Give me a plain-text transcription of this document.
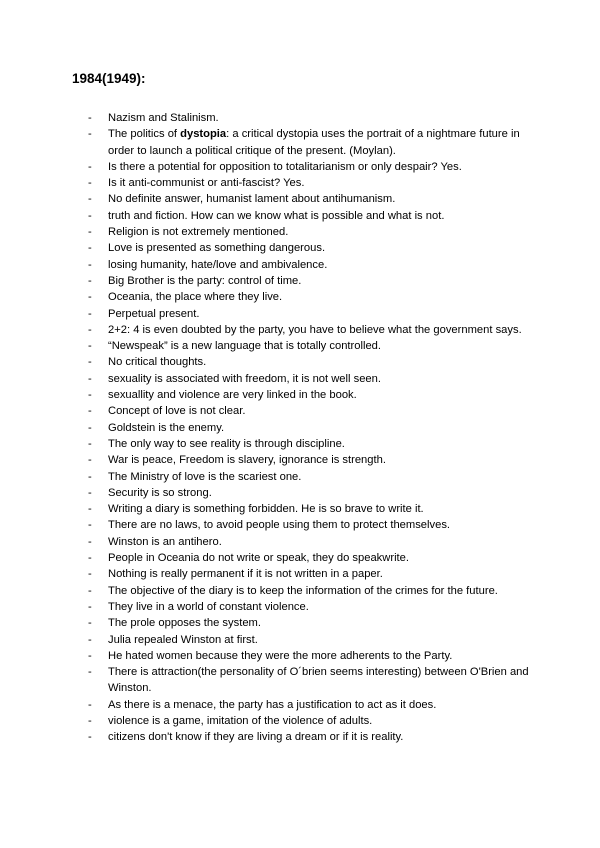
1984(1949):
-	Nazism and Stalinism.
-	The politics of dystopia: a critical dystopia uses the portrait of a nightmare future in order to launch a political critique of the present. (Moylan).
-	Is there a potential for opposition to totalitarianism or only despair? Yes.
-	Is it anti-communist or anti-fascist? Yes.
-	No definite answer, humanist lament about antihumanism.
-	truth and fiction. How can we know what is possible and what is not.
-	Religion is not extremely mentioned.
-	Love is presented as something dangerous.
-	losing humanity, hate/love and ambivalence.
-	Big Brother is the party: control of time.
-	Oceania, the place where they live.
-	Perpetual present.
-	2+2: 4 is even doubted by the party, you have to believe what the government says.
-	“Newspeak” is a new language that is totally controlled.
-	No critical thoughts.
-	sexuality is associated with freedom, it is not well seen.
-	sexuallity and violence are very linked in the book.
-	Concept of love is not clear.
-	Goldstein is the enemy.
-	The only way to see reality is through discipline.
-	War is peace, Freedom is slavery, ignorance is strength.
-	The Ministry of love is the scariest one.
-	Security is so strong.
-	Writing a diary is something forbidden. He is so brave to write it.
-	There are no laws, to avoid people using them to protect themselves.
-	Winston is an antihero.
-	People in Oceania do not write or speak, they do speakwrite.
-	Nothing is really permanent if it is not written in a paper.
-	The objective of the diary is to keep the information of the crimes for the future.
-	They live in a world of constant violence.
-	The prole opposes the system.
-	Julia repealed Winston at first.
-	He hated women because they were the more adherents to the Party.
-	There is attraction(the personality of O´brien seems interesting) between O'Brien and Winston.
-	As there is a menace, the party has a justification to act as it does.
-	violence is a game, imitation of the violence of adults.
-	citizens don't know if they are living a dream or if it is reality.
